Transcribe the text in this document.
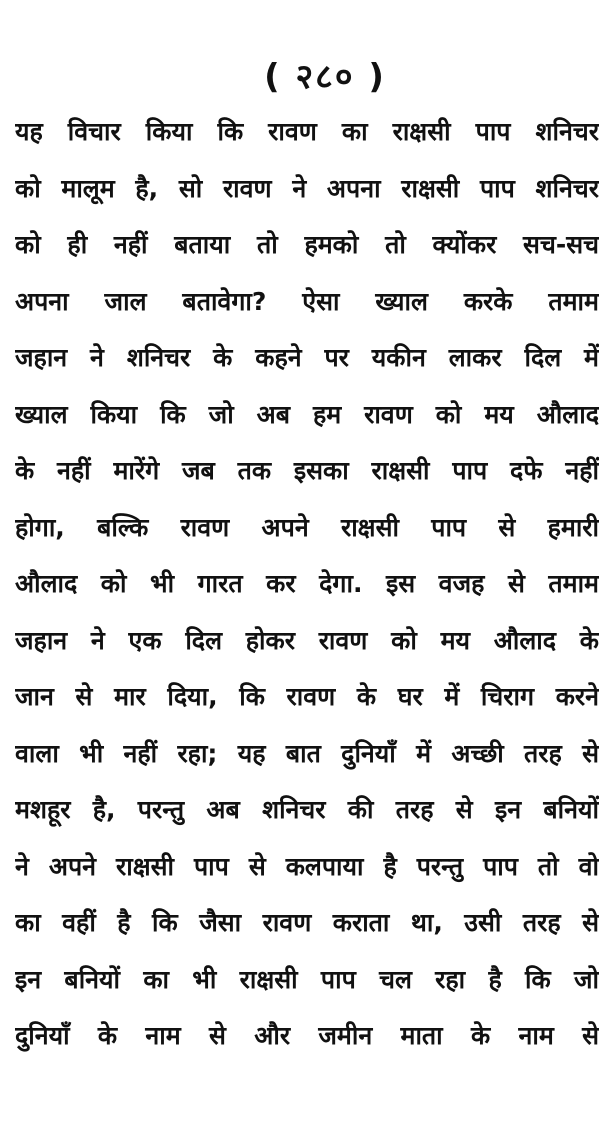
( २८० )
यह विचार किया कि रावण का राक्षसी पाप शनिचर
को मालूम है, सो रावण ने अपना राक्षसी पाप शनिचर
को ही नहीं बताया तो हमको तो क्योंकर सच-सच
अपना जाल बतावेगा? ऐसा ख्याल करके तमाम
जहान ने शनिचर के कहने पर यकीन लाकर दिल में
ख्याल किया कि जो अब हम रावण को मय औलाद
के नहीं मारेंगे जब तक इसका राक्षसी पाप दफे नहीं
होगा, बल्कि रावण अपने राक्षसी पाप से हमारी
औलाद को भी गारत कर देगा. इस वजह से तमाम
जहान ने एक दिल होकर रावण को मय औलाद के
जान से मार दिया, कि रावण के घर में चिराग करने
वाला भी नहीं रहा; यह बात दुनियाँ में अच्छी तरह से
मशहूर है, परन्तु अब शनिचर की तरह से इन बनियों
ने अपने राक्षसी पाप से कलपाया है परन्तु पाप तो वो
का वहीं है कि जैसा रावण कराता था, उसी तरह से
इन बनियों का भी राक्षसी पाप चल रहा है कि जो
दुनियाँ के नाम से और जमीन माता के नाम से
